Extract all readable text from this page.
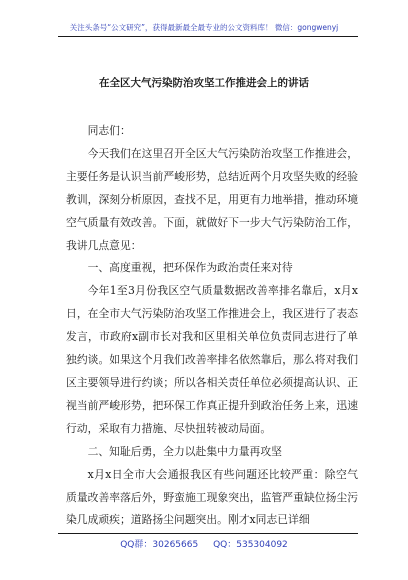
关注头条号“公文研究”，获得最新最全最专业的公文资料库！ 微信：gongwenyj
在全区大气污染防治攻坚工作推进会上的讲话

同志们：

今天我们在这里召开全区大气污染防治攻坚工作推进会，主要任务是认识当前严峻形势，总结近两个月攻坚失败的经验教训，深刻分析原因，查找不足，用更有力地举措，推动环境空气质量有效改善。下面，就做好下一步大气污染防治工作，我讲几点意见：

一、高度重视，把环保作为政治责任来对待

今年1至3月份我区空气质量数据改善率排名靠后，x月x日，在全市大气污染防治攻坚工作推进会上，我区进行了表态发言，市政府x副市长对我和区里相关单位负责同志进行了单独约谈。如果这个月我们改善率排名依然靠后，那么将对我们区主要领导进行约谈；所以各相关责任单位必须提高认识、正视当前严峻形势，把环保工作真正提升到政治任务上来，迅速行动，采取有力措施、尽快扭转被动局面。

二、知耻后勇，全力以赴集中力量再攻坚

x月x日全市大会通报我区有些问题还比较严重：除空气质量改善率落后外，野蛮施工现象突出，监管严重缺位扬尘污染几成顽疾；道路扬尘问题突出。刚才x同志已详细

QQ群：30265665 QQ：535304092
